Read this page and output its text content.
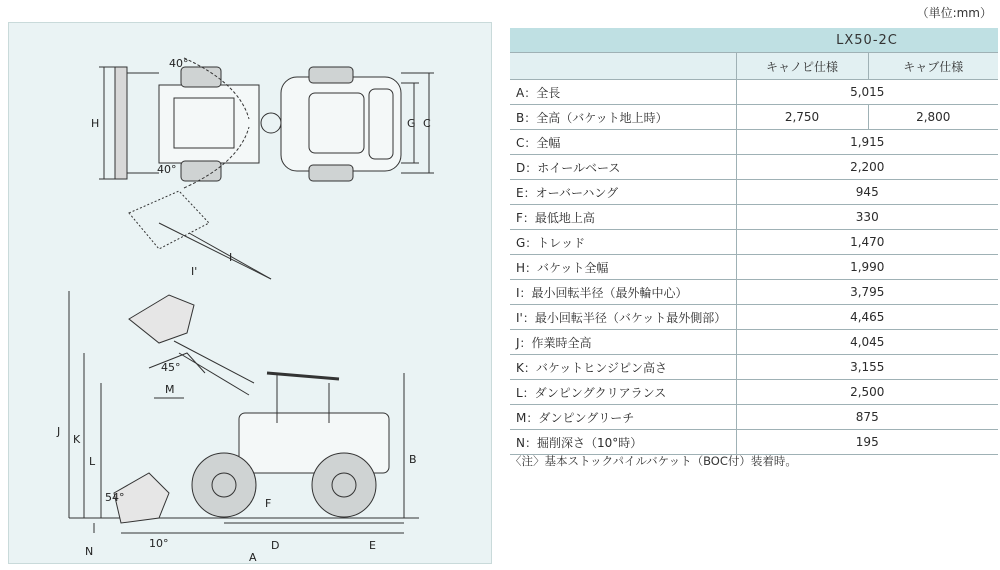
（単位:mm）
H	G C
40°
40°
I
I'
J
K
L
M
B
N
F
D	E
A
45°
54°
10°
	LX50-2C	
	キャノピ仕様	キャブ仕様
A：全長	5,015	
B：全高（バケット地上時）	2,750	2,800
C：全幅	1,915	
D：ホイールベース	2,200	
E：オーバーハング	945	
F：最低地上高	330	
G：トレッド	1,470	
H：バケット全幅	1,990	
I：最小回転半径（最外輪中心）	3,795	
I'：最小回転半径（バケット最外側部）	4,465	
J：作業時全高	4,045	
K：バケットヒンジピン高さ	3,155	
L：ダンピングクリアランス	2,500	
M：ダンピングリーチ	875	
N：掘削深さ（10°時）	195	
〈注〉基本ストックパイルバケット（BOC付）装着時。
